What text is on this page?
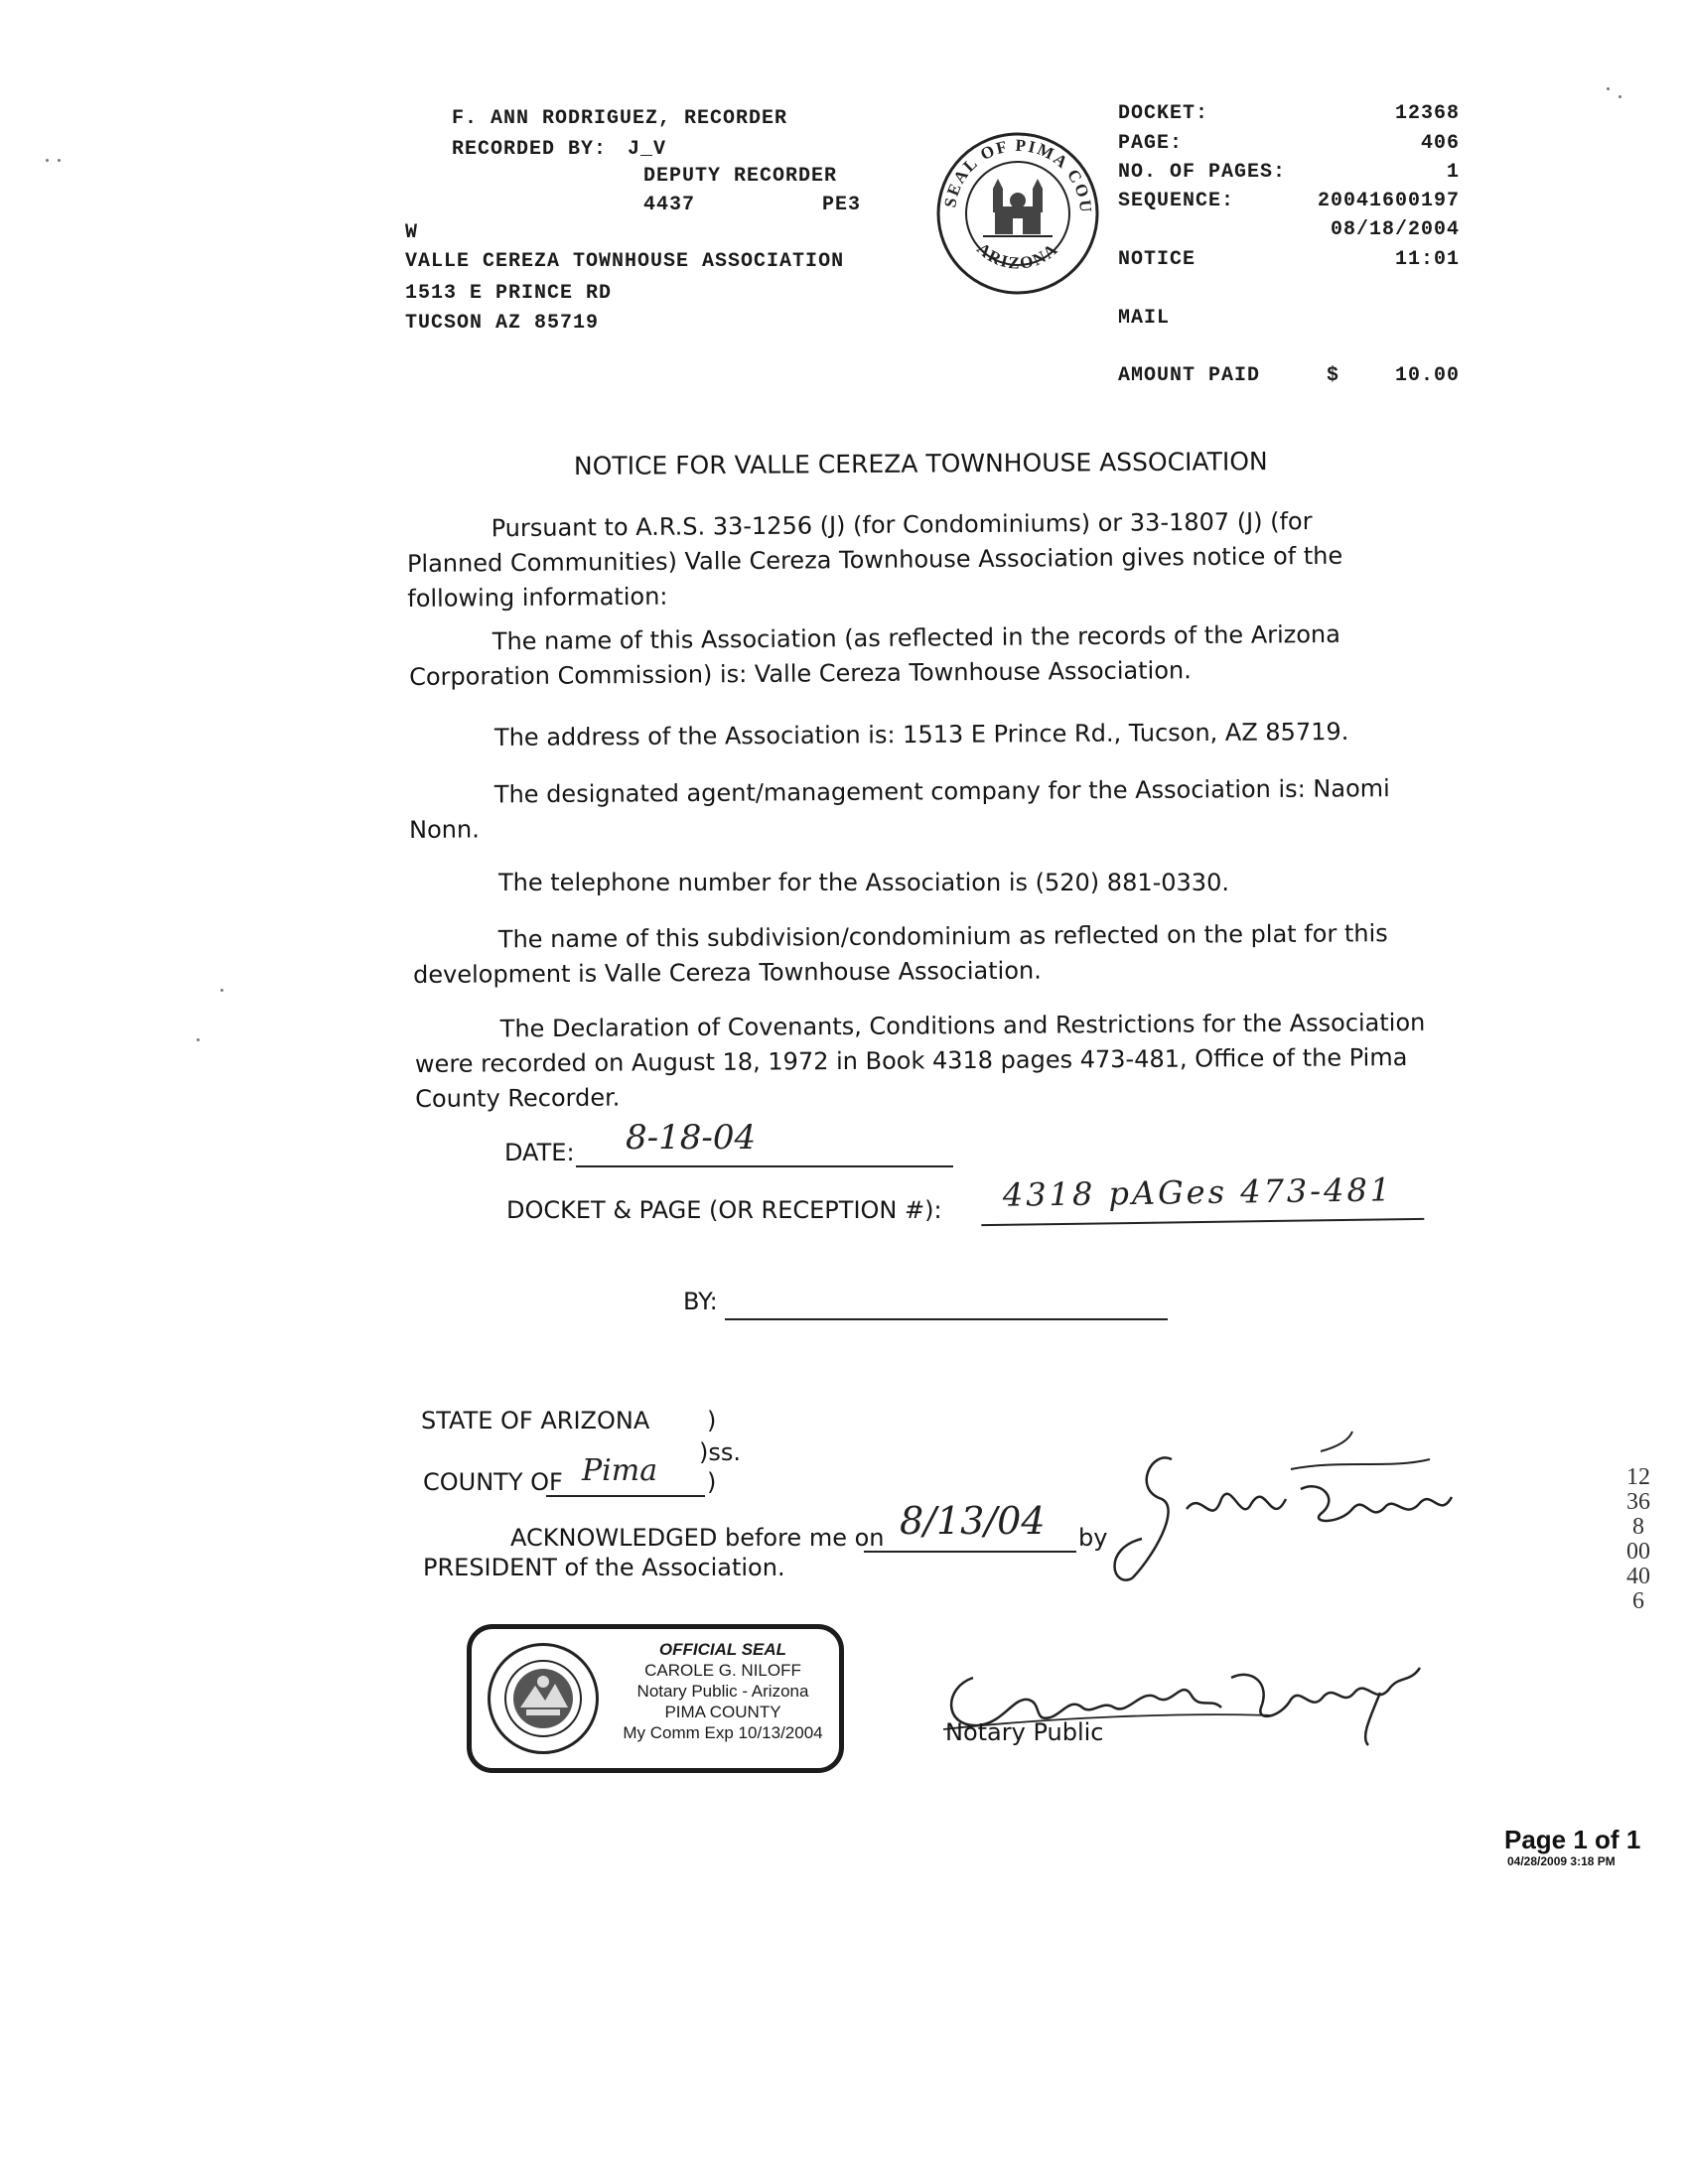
F. ANN RODRIGUEZ, RECORDER
RECORDED BY: J_V
DEPUTY RECORDER
4437	PE3
W
VALLE CEREZA TOWNHOUSE ASSOCIATION
1513 E PRINCE RD
TUCSON AZ 85719
SEAL OF PIMA COU
ARIZONA
DOCKET:	12368
PAGE:	406
NO. OF PAGES:	1
SEQUENCE:	20041600197
08/18/2004
NOTICE	11:01
MAIL
AMOUNT PAID	$	10.00
NOTICE FOR VALLE CEREZA TOWNHOUSE ASSOCIATION
Pursuant to A.R.S. 33-1256 (J) (for Condominiums) or 33-1807 (J) (for Planned Communities) Valle Cereza Townhouse Association gives notice of the following information:
The name of this Association (as reflected in the records of the Arizona Corporation Commission) is: Valle Cereza Townhouse Association.
The address of the Association is: 1513 E Prince Rd., Tucson, AZ 85719.
The designated agent/management company for the Association is: Naomi Nonn.
The telephone number for the Association is (520) 881-0330.
The name of this subdivision/condominium as reflected on the plat for this development is Valle Cereza Townhouse Association.
The Declaration of Covenants, Conditions and Restrictions for the Association were recorded on August 18, 1972 in Book 4318 pages 473-481, Office of the Pima County Recorder.
DATE: 8-18-04
DOCKET & PAGE (OR RECEPTION #): 4318 pAGes 473-481
BY:
STATE OF ARIZONA )
)ss.
COUNTY OF Pima )
ACKNOWLEDGED before me on 8/13/04 by
PRESIDENT of the Association.
OFFICIAL SEAL
CAROLE G. NILOFF
Notary Public - Arizona
PIMA COUNTY
My Comm Exp 10/13/2004	Notary Public
12368 00406
Page 1 of 1
04/28/2009 3:18 PM
